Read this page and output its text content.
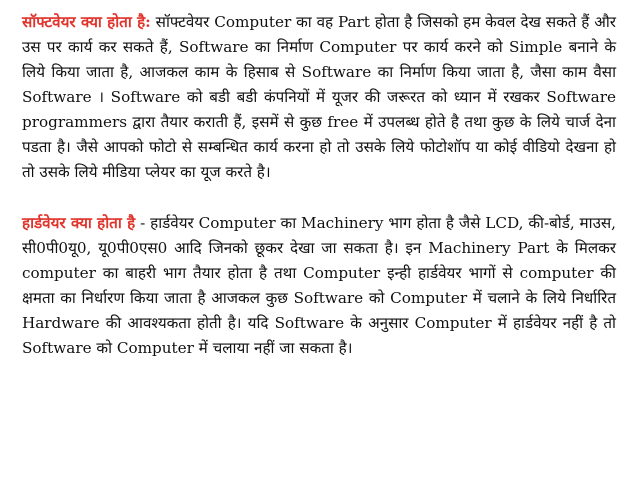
सॉफ्टवेयर क्या होता है: सॉफ्टवेयर Computer का वह Part होता है जिसको हम केवल देख सकते हैं और उस पर कार्य कर सकते हैं, Software का निर्माण Computer पर कार्य करने को Simple बनाने के लिये किया जाता है, आजकल काम के हिसाब से Software का निर्माण किया जाता है, जैसा काम वैसा Software । Software को बडी बडी कंपनियों में यूजर की जरूरत को ध्यान में रखकर Software programmers द्वारा तैयार कराती हैं, इसमें से कुछ free में उपलब्ध होते है तथा कुछ के लिये चार्ज देना पडता है। जैसे आपको फोटो से सम्बन्धित कार्य करना हो तो उसके लिये फोटोशॉप या कोई वीडियो देखना हो तो उसके लिये मीडिया प्लेयर का यूज करते है।

हार्डवेयर क्या होता है - हार्डवेयर Computer का Machinery भाग होता है जैसे LCD, की-बोर्ड, माउस, सी0पी0यू0, यू0पी0एस0 आदि जिनको छूकर देखा जा सकता है। इन Machinery Part के मिलकर computer का बाहरी भाग तैयार होता है तथा Computer इन्ही हार्डवेयर भागों से computer की क्षमता का निर्धारण किया जाता है आजकल कुछ Software को Computer में चलाने के लिये निर्धारित Hardware की आवश्यकता होती है। यदि Software के अनुसार Computer में हार्डवेयर नहीं है तो Software को Computer में चलाया नहीं जा सकता है।
